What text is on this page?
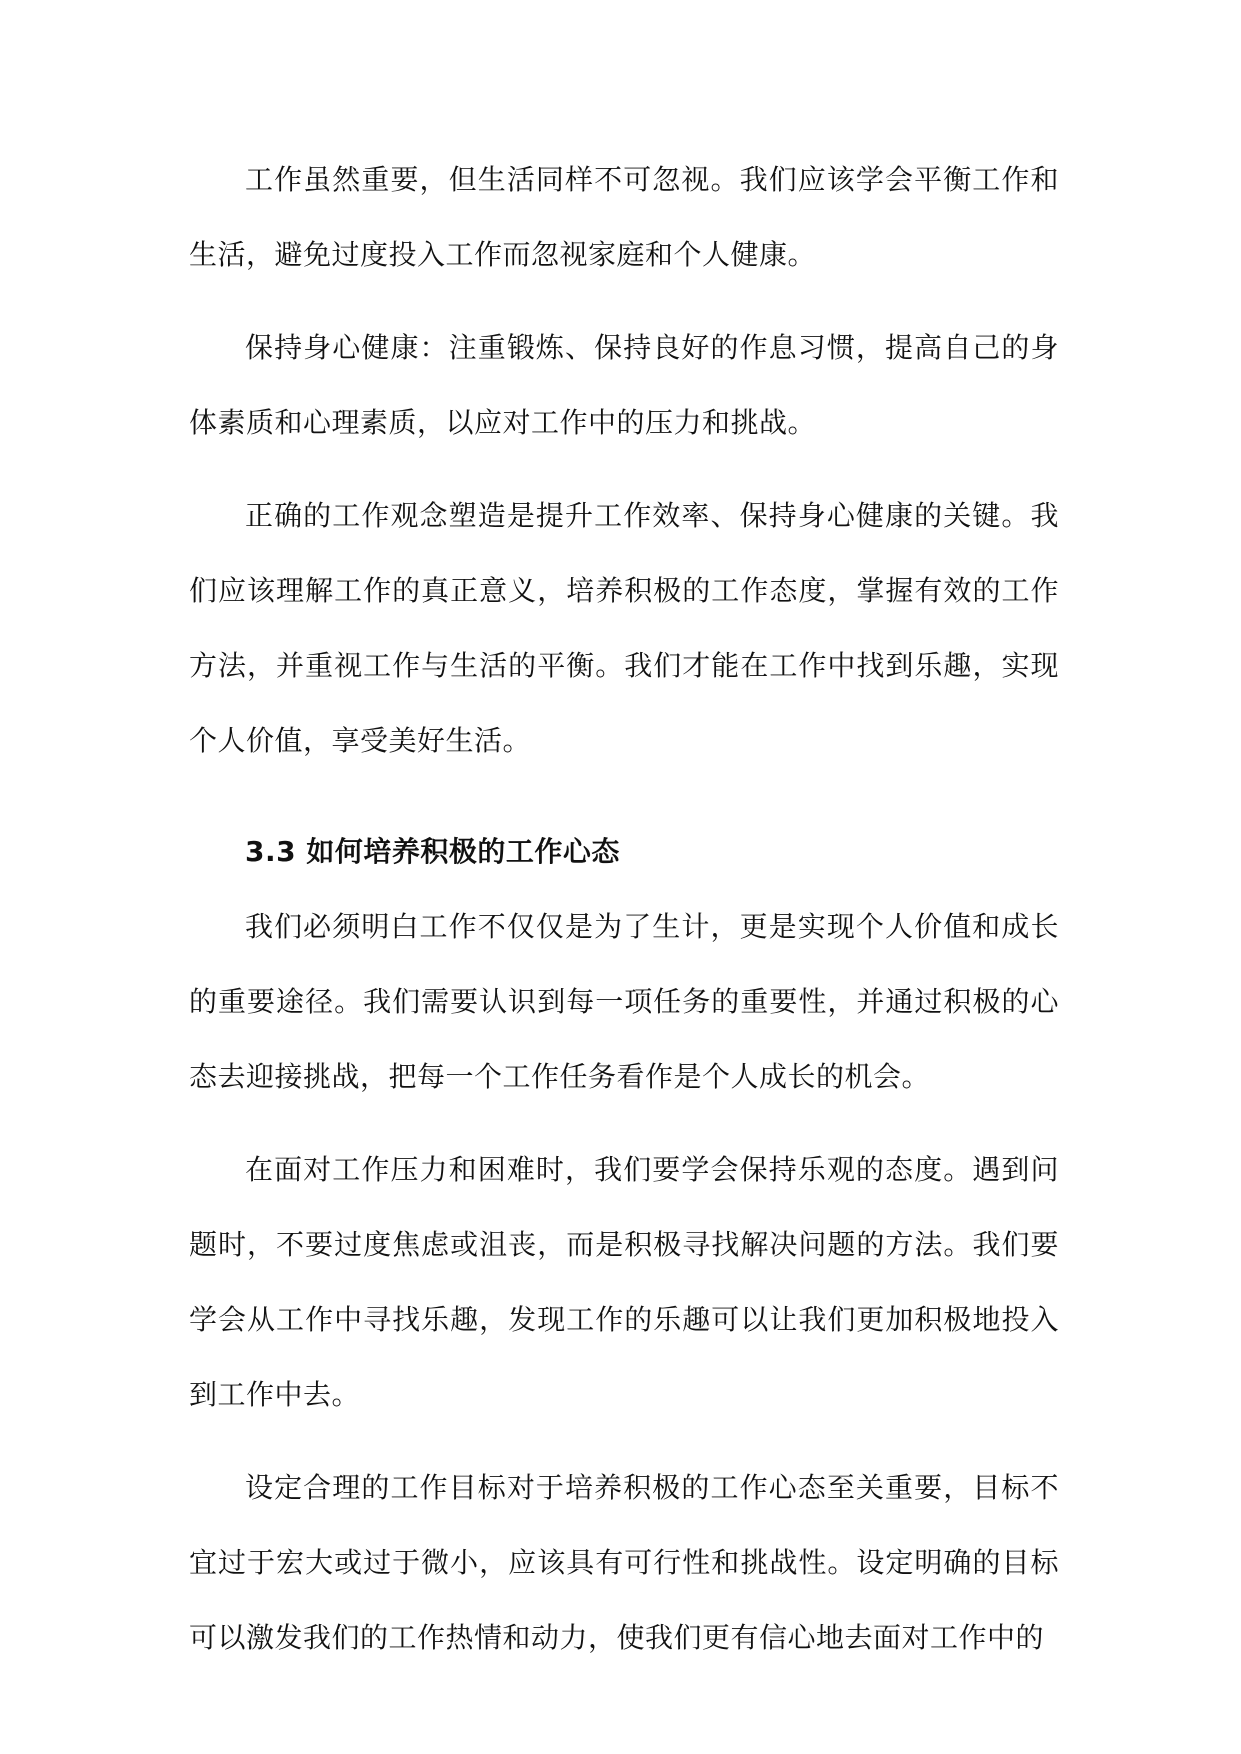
工作虽然重要，但生活同样不可忽视。我们应该学会平衡工作和生活，避免过度投入工作而忽视家庭和个人健康。

保持身心健康：注重锻炼、保持良好的作息习惯，提高自己的身体素质和心理素质，以应对工作中的压力和挑战。

正确的工作观念塑造是提升工作效率、保持身心健康的关键。我们应该理解工作的真正意义，培养积极的工作态度，掌握有效的工作方法，并重视工作与生活的平衡。我们才能在工作中找到乐趣，实现个人价值，享受美好生活。

3.3 如何培养积极的工作心态

我们必须明白工作不仅仅是为了生计，更是实现个人价值和成长的重要途径。我们需要认识到每一项任务的重要性，并通过积极的心态去迎接挑战，把每一个工作任务看作是个人成长的机会。

在面对工作压力和困难时，我们要学会保持乐观的态度。遇到问题时，不要过度焦虑或沮丧，而是积极寻找解决问题的方法。我们要学会从工作中寻找乐趣，发现工作的乐趣可以让我们更加积极地投入到工作中去。

设定合理的工作目标对于培养积极的工作心态至关重要，目标不宜过于宏大或过于微小，应该具有可行性和挑战性。设定明确的目标可以激发我们的工作热情和动力，使我们更有信心地去面对工作中的
